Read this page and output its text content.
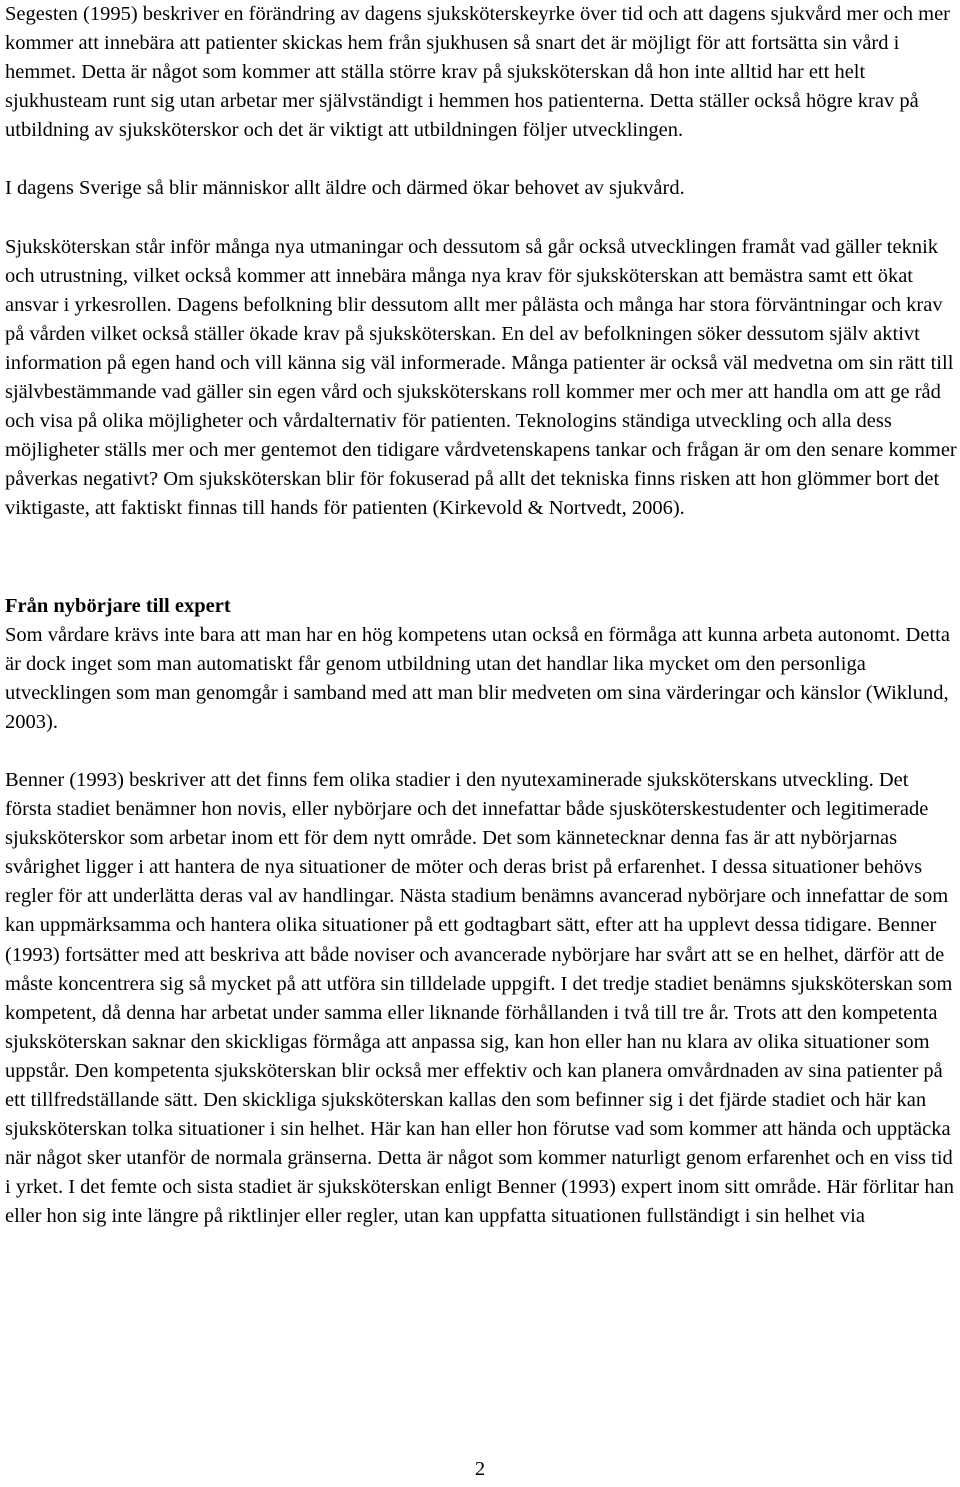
Segesten (1995) beskriver en förändring av dagens sjuksköterskeyrke över tid och att dagens sjukvård mer och mer kommer att innebära att patienter skickas hem från sjukhusen så snart det är möjligt för att fortsätta sin vård i hemmet. Detta är något som kommer att ställa större krav på sjuksköterskan då hon inte alltid har ett helt sjukhusteam runt sig utan arbetar mer självständigt i hemmen hos patienterna. Detta ställer också högre krav på utbildning av sjuksköterskor och det är viktigt att utbildningen följer utvecklingen.

I dagens Sverige så blir människor allt äldre och därmed ökar behovet av sjukvård.

Sjuksköterskan står inför många nya utmaningar och dessutom så går också utvecklingen framåt vad gäller teknik och utrustning, vilket också kommer att innebära många nya krav för sjuksköterskan att bemästra samt ett ökat ansvar i yrkesrollen. Dagens befolkning blir dessutom allt mer pålästa och många har stora förväntningar och krav på vården vilket också ställer ökade krav på sjuksköterskan. En del av befolkningen söker dessutom själv aktivt information på egen hand och vill känna sig väl informerade. Många patienter är också väl medvetna om sin rätt till självbestämmande vad gäller sin egen vård och sjuksköterskans roll kommer mer och mer att handla om att ge råd och visa på olika möjligheter och vårdalternativ för patienten. Teknologins ständiga utveckling och alla dess möjligheter ställs mer och mer gentemot den tidigare vårdvetenskapens tankar och frågan är om den senare kommer påverkas negativt? Om sjuksköterskan blir för fokuserad på allt det tekniska finns risken att hon glömmer bort det viktigaste, att faktiskt finnas till hands för patienten (Kirkevold & Nortvedt, 2006).

Från nybörjare till expert

Som vårdare krävs inte bara att man har en hög kompetens utan också en förmåga att kunna arbeta autonomt. Detta är dock inget som man automatiskt får genom utbildning utan det handlar lika mycket om den personliga utvecklingen som man genomgår i samband med att man blir medveten om sina värderingar och känslor (Wiklund, 2003).

Benner (1993) beskriver att det finns fem olika stadier i den nyutexaminerade sjuksköterskans utveckling. Det första stadiet benämner hon novis, eller nybörjare och det innefattar både sjusköterskestudenter och legitimerade sjuksköterskor som arbetar inom ett för dem nytt område. Det som kännetecknar denna fas är att nybörjarnas svårighet ligger i att hantera de nya situationer de möter och deras brist på erfarenhet. I dessa situationer behövs regler för att underlätta deras val av handlingar. Nästa stadium benämns avancerad nybörjare och innefattar de som kan uppmärksamma och hantera olika situationer på ett godtagbart sätt, efter att ha upplevt dessa tidigare. Benner (1993) fortsätter med att beskriva att både noviser och avancerade nybörjare har svårt att se en helhet, därför att de måste koncentrera sig så mycket på att utföra sin tilldelade uppgift. I det tredje stadiet benämns sjuksköterskan som kompetent, då denna har arbetat under samma eller liknande förhållanden i två till tre år. Trots att den kompetenta sjuksköterskan saknar den skickligas förmåga att anpassa sig, kan hon eller han nu klara av olika situationer som uppstår. Den kompetenta sjuksköterskan blir också mer effektiv och kan planera omvårdnaden av sina patienter på ett tillfredställande sätt. Den skickliga sjuksköterskan kallas den som befinner sig i det fjärde stadiet och här kan sjuksköterskan tolka situationer i sin helhet. Här kan han eller hon förutse vad som kommer att hända och upptäcka när något sker utanför de normala gränserna. Detta är något som kommer naturligt genom erfarenhet och en viss tid i yrket. I det femte och sista stadiet är sjuksköterskan enligt Benner (1993) expert inom sitt område. Här förlitar han eller hon sig inte längre på riktlinjer eller regler, utan kan uppfatta situationen fullständigt i sin helhet via

2
